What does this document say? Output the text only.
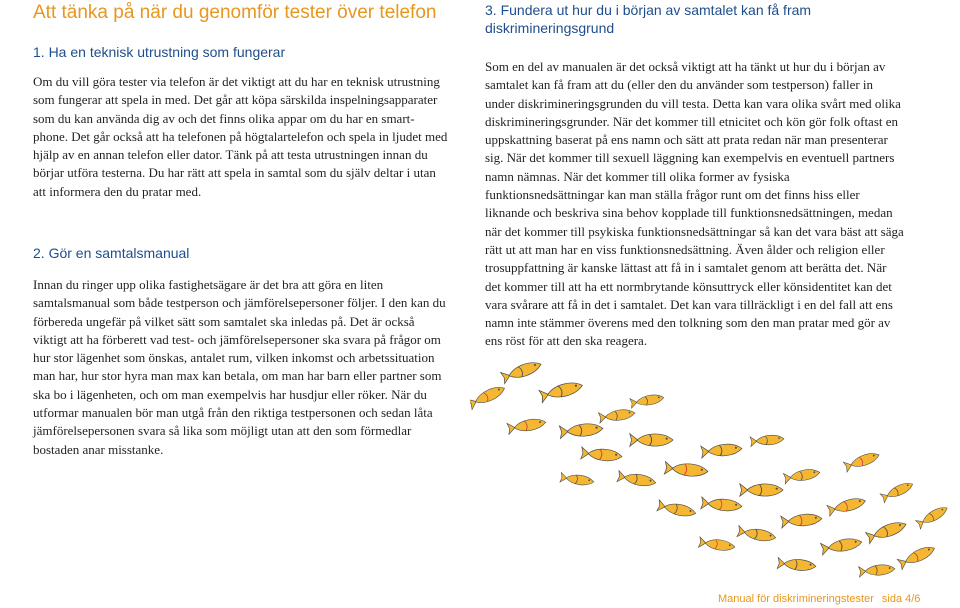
Att tänka på när du genomför tester över telefon
1. Ha en teknisk utrustning som fungerar

Om du vill göra tester via telefon är det viktigt att du har en teknisk utrustning som fungerar att spela in med. Det går att köpa särskilda inspelningsapparater som du kan använda dig av och det finns olika appar om du har en smart-phone. Det går också att ha telefonen på högtalartelefon och spela in ljudet med hjälp av en annan telefon eller dator. Tänk på att testa utrustningen innan du börjar utföra testerna. Du har rätt att spela in samtal som du själv deltar i utan att informera den du pratar med.

2. Gör en samtalsmanual

Innan du ringer upp olika fastighetsägare är det bra att göra en liten samtalsmanual som både testperson och jämförelsepersoner följer. I den kan du förbereda ungefär på vilket sätt som samtalet ska inledas på. Det är också viktigt att ha förberett vad test- och jämförelsepersoner ska svara på frågor om hur stor lägenhet som önskas, antalet rum, vilken inkomst och arbetssituation man har, hur stor hyra man max kan betala, om man har barn eller partner som ska bo i lägenheten, och om man exempelvis har husdjur eller röker. När du utformar manualen bör man utgå från den riktiga testpersonen och sedan låta jämförelsepersonen svara så lika som möjligt utan att den som förmedlar bostaden anar misstanke.

3. Fundera ut hur du i början av samtalet kan få fram diskrimineringsgrund

Som en del av manualen är det också viktigt att ha tänkt ut hur du i början av samtalet kan få fram att du (eller den du använder som testperson) faller in under diskrimineringsgrunden du vill testa. Detta kan vara olika svårt med olika diskrimineringsgrunder. När det kommer till etnicitet och kön gör folk oftast en uppskattning baserat på ens namn och sätt att prata redan när man presenterar sig. När det kommer till sexuell läggning kan exempelvis en eventuell partners namn nämnas. När det kommer till olika former av fysiska funktionsnedsättningar kan man ställa frågor runt om det finns hiss eller liknande och beskriva sina behov kopplade till funktionsnedsättningen, medan när det kommer till psykiska funktionsnedsättningar så kan det vara bäst att säga rätt ut att man har en viss funktionsnedsättning. Även ålder och religion eller trosuppfattning är kanske lättast att få in i samtalet genom att berätta det. När det kommer till att ha ett normbrytande könsuttryck eller könsidentitet kan det vara svårare att få in det i samtalet. Det kan vara tillräckligt i en del fall att ens namn inte stämmer överens med den tolkning som den man pratar med gör av ens röst för att den ska reagera.

Manual för diskrimineringstester sida 4/6
